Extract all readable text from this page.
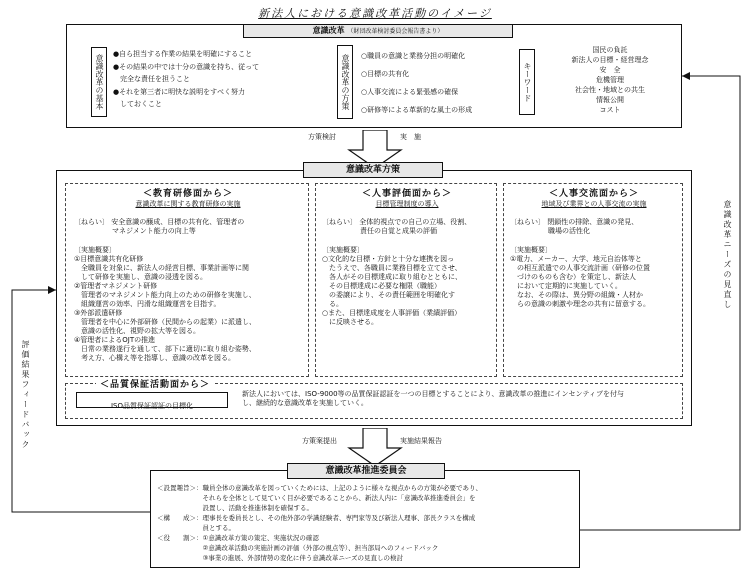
新法人における意識改革活動のイメージ
意識改革 （財団改革検討委員会報告書より）
意識改革の基本 ●自ら担当する作業の結果を明確にすること
●その結果の中では十分の意識を持ち、従って
　完全な責任を担うこと
●それを第三者に明快な説明をすべく努力
　しておくこと	意識改革の方策 ○職員の意識と業務分担の明確化
○目標の共有化
○人事交流による緊張感の確保
○研修等による革新的な風土の形成
キーワード
国民の負託
新法人の目標・経営理念
安　全
危機管理
社会性・地域との共生
情報公開
コスト
方策検討	実　施
意識改革方策
＜教育研修面から＞
意識改革に関する教育研修の実施
〔ねらい〕 安全意識の醸成、目標の共有化、管理者の
マネジメント能力の向上等
〔実施概要〕
①目標意識共有化研修
　全職員を対象に、新法人の経営目標、事業計画等に関
　して研修を実施し、意識の浸透を図る。
②管理者マネジメント研修
　管理者のマネジメント能力向上のための研修を実施し、
　組織運営の効率、円滑な組織運営を目指す。
③外部派遣研修
　管理者を中心に外部研修（民間からの起業）に派遣し、
　意識の活性化、視野の拡大等を図る。
④管理者によるOJTの推進
　日常の業務遂行を通して、部下に適切に取り組む姿勢、
　考え方、心構え等を指導し、意識の改革を図る。
＜人事評価面から＞
目標管理制度の導入
〔ねらい〕 全体的視点での自己の立場、役割、
責任の自覚と成果の評価
〔実施概要〕
○文化的な目標・方針と十分な連携を図っ
　たうえで、各職員に業務目標を立てさせ、
　各人がその目標達成に取り組むとともに、
　その目標達成に必要な権限（職能）
　の委譲により、その責任範囲を明確化す
　る。
○また、目標達成度を人事評価（業績評価）
　に反映させる。
＜人事交流面から＞
地域及び業界との人事交流の実施
〔ねらい〕 閉鎖性の排除、意識の発見、
職場の活性化
〔実施概要〕
①電力、メーカー、大学、地元自治体等と
　の相互派遣での人事交流計画（研修の位置
　づけのものも含む）を策定し、新法人
　において定期的に実施していく。
　なお、その際は、異分野の組織・人材か
　らの意識の刺激や理念の共有に留意する。
＜品質保証活動面から＞
ISO品質保証認証の目標化
新法人においては、ISO-9000等の品質保証認証を一つの目標とすることにより、意識改革の推進にインセンティブを付与
し、継続的な意識改革を実施していく。
方策案提出	実施結果報告
意識改革推進委員会
＜設置趣旨＞：職員全体の意識改革を図っていくためには、上記のように様々な視点からの方策が必要であり、
　　　　　　　それらを全体として見ていく目が必要であることから、新法人内に「意識改革推進委員会」を
　　　　　　　設置し、活動を推進体制を確保する。
＜構　　成＞：理事長を委員長とし、その他外部の学識経験者、専門家等及び新法人理事、部長クラスを構成
　　　　　　　員とする。
＜役　　割＞：①意識改革方策の策定、実施状況の確認
　　　　　　　②意識改革活動の実施計画の評価（外部の視点等）、担当部局へのフィードバック
　　　　　　　③事業の進展、外部情勢の変化に伴う意識改革ニーズの見直しの検討
評価結果フィードバック
意識改革ニーズの見直し
